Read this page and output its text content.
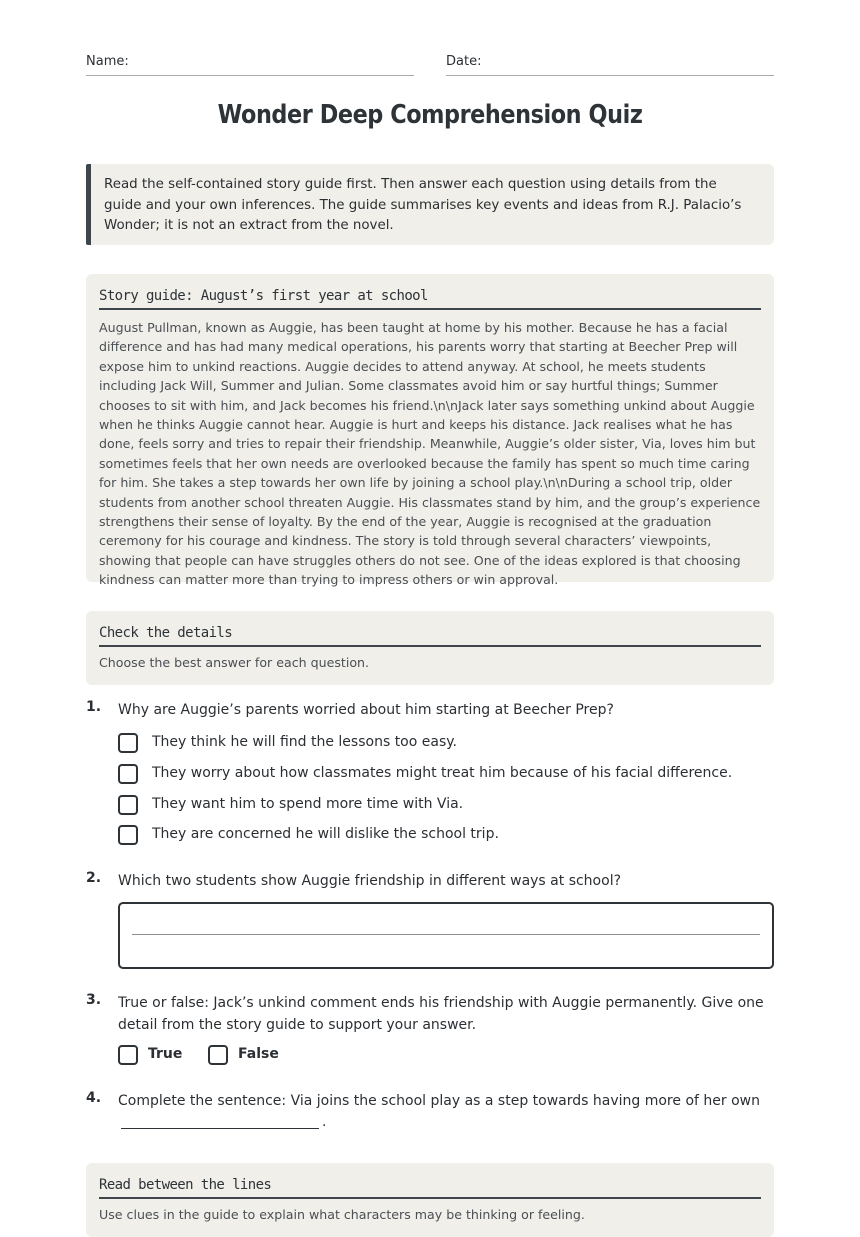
Name:	Date:
Wonder Deep Comprehension Quiz
Read the self-contained story guide first. Then answer each question using details from the guide and your own inferences. The guide summarises key events and ideas from R.J. Palacio’s Wonder; it is not an extract from the novel.
Story guide: August’s first year at school
August Pullman, known as Auggie, has been taught at home by his mother. Because he has a facial difference and has had many medical operations, his parents worry that starting at Beecher Prep will expose him to unkind reactions. Auggie decides to attend anyway. At school, he meets students including Jack Will, Summer and Julian. Some classmates avoid him or say hurtful things; Summer chooses to sit with him, and Jack becomes his friend.\n\nJack later says something unkind about Auggie when he thinks Auggie cannot hear. Auggie is hurt and keeps his distance. Jack realises what he has done, feels sorry and tries to repair their friendship. Meanwhile, Auggie’s older sister, Via, loves him but sometimes feels that her own needs are overlooked because the family has spent so much time caring for him. She takes a step towards her own life by joining a school play.\n\nDuring a school trip, older students from another school threaten Auggie. His classmates stand by him, and the group’s experience strengthens their sense of loyalty. By the end of the year, Auggie is recognised at the graduation ceremony for his courage and kindness. The story is told through several characters’ viewpoints, showing that people can have struggles others do not see. One of the ideas explored is that choosing kindness can matter more than trying to impress others or win approval.
Check the details
Choose the best answer for each question.
1. Why are Auggie’s parents worried about him starting at Beecher Prep?
They think he will find the lessons too easy.
They worry about how classmates might treat him because of his facial difference.
They want him to spend more time with Via.
They are concerned he will dislike the school trip.
2. Which two students show Auggie friendship in different ways at school?
3. True or false: Jack’s unkind comment ends his friendship with Auggie permanently. Give one detail from the story guide to support your answer.
True	False
4. Complete the sentence: Via joins the school play as a step towards having more of her own
.
Read between the lines
Use clues in the guide to explain what characters may be thinking or feeling.
